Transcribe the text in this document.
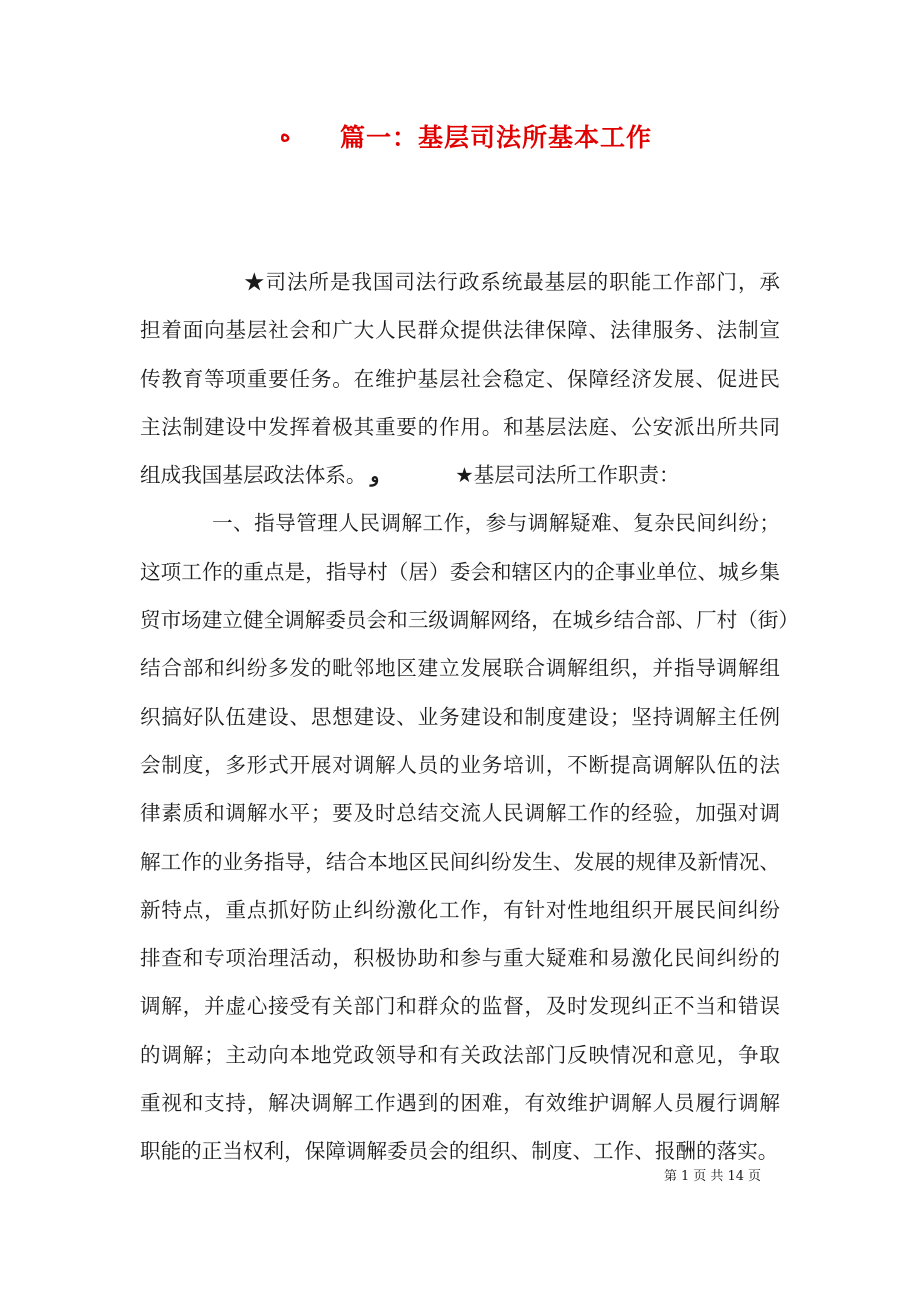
ه 篇一：基层司法所基本工作
★司法所是我国司法行政系统最基层的职能工作部门，承
担着面向基层社会和广大人民群众提供法律保障、法律服务、法制宣
传教育等项重要任务。在维护基层社会稳定、保障经济发展、促进民
主法制建设中发挥着极其重要的作用。和基层法庭、公安派出所共同
组成我国基层政法体系。 و	★基层司法所工作职责：
一、指导管理人民调解工作，参与调解疑难、复杂民间纠纷；
这项工作的重点是，指导村（居）委会和辖区内的企事业单位、城乡集
贸市场建立健全调解委员会和三级调解网络，在城乡结合部、厂村（街）
结合部和纠纷多发的毗邻地区建立发展联合调解组织，并指导调解组
织搞好队伍建设、思想建设、业务建设和制度建设；坚持调解主任例
会制度，多形式开展对调解人员的业务培训，不断提高调解队伍的法
律素质和调解水平；要及时总结交流人民调解工作的经验，加强对调
解工作的业务指导，结合本地区民间纠纷发生、发展的规律及新情况、
新特点，重点抓好防止纠纷激化工作，有针对性地组织开展民间纠纷
排查和专项治理活动，积极协助和参与重大疑难和易激化民间纠纷的
调解，并虚心接受有关部门和群众的监督，及时发现纠正不当和错误
的调解；主动向本地党政领导和有关政法部门反映情况和意见，争取
重视和支持，解决调解工作遇到的困难，有效维护调解人员履行调解
职能的正当权利，保障调解委员会的组织、制度、工作、报酬的落实。
第 1 页 共 14 页
